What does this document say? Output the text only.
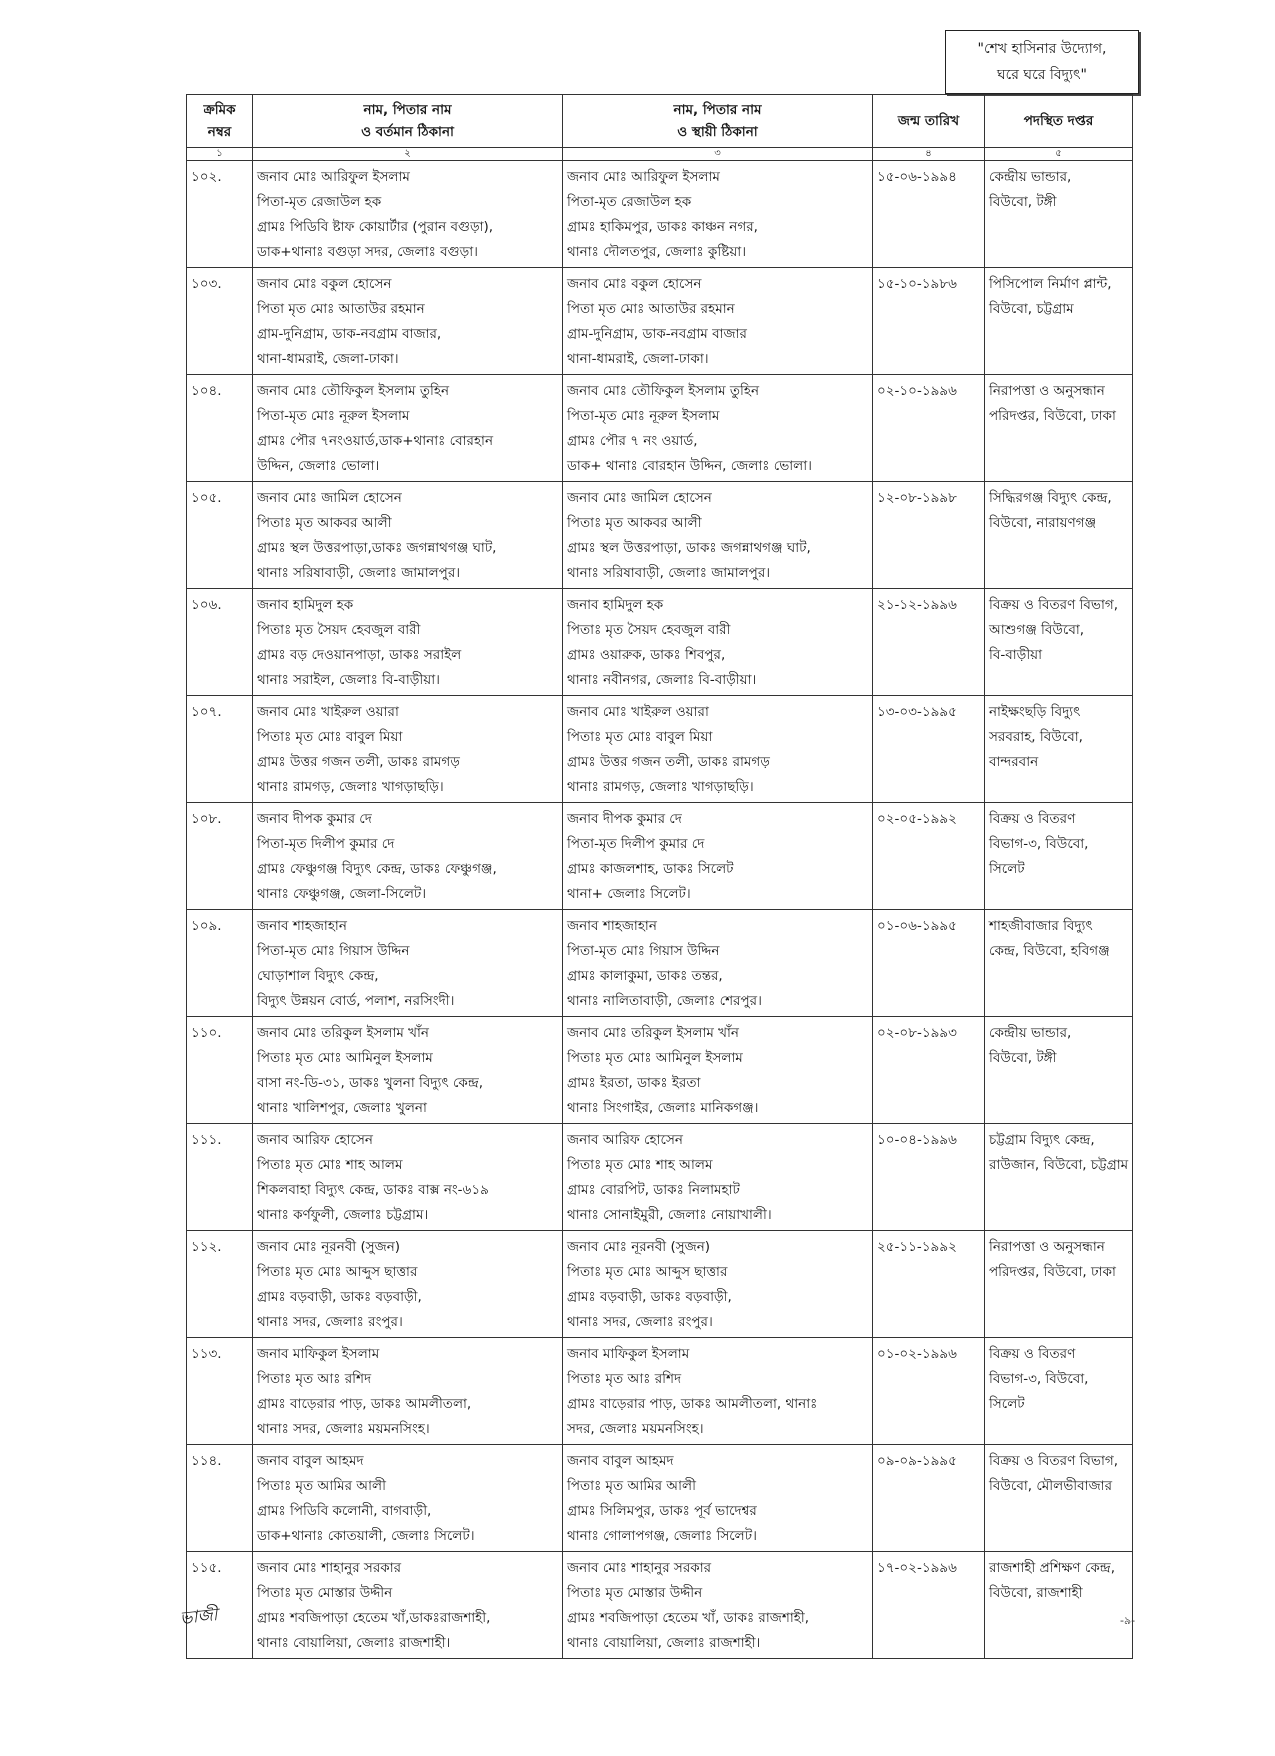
"শেখ হাসিনার উদ্যোগ,
ঘরে ঘরে বিদ্যুৎ"
ক্রমিক
নম্বর	নাম, পিতার নাম
ও বর্তমান ঠিকানা	নাম, পিতার নাম
ও স্থায়ী ঠিকানা	জন্ম তারিখ	পদস্থিত দপ্তর
১	২	৩	৪	৫
১০২.	জনাব মোঃ আরিফুল ইসলাম
পিতা-মৃত রেজাউল হক
গ্রামঃ পিডিবি ষ্টাফ কোয়ার্টার (পুরান বগুড়া),
ডাক+থানাঃ বগুড়া সদর, জেলাঃ বগুড়া।	জনাব মোঃ আরিফুল ইসলাম
পিতা-মৃত রেজাউল হক
গ্রামঃ হাকিমপুর, ডাকঃ কাঞ্চন নগর,
থানাঃ দৌলতপুর, জেলাঃ কুষ্টিয়া।	১৫-০৬-১৯৯৪	কেন্দ্রীয় ভান্ডার,
বিউবো, টঙ্গী

১০৩.	জনাব মোঃ বকুল হোসেন
পিতা মৃত মোঃ আতাউর রহমান
গ্রাম-দুনিগ্রাম, ডাক-নবগ্রাম বাজার,
থানা-ধামরাই, জেলা-ঢাকা।	জনাব মোঃ বকুল হোসেন
পিতা মৃত মোঃ আতাউর রহমান
গ্রাম-দুনিগ্রাম, ডাক-নবগ্রাম বাজার
থানা-ধামরাই, জেলা-ঢাকা।	১৫-১০-১৯৮৬	পিসিপোল নির্মাণ প্লান্ট,
বিউবো, চট্টগ্রাম

১০৪.	জনাব মোঃ তৌফিকুল ইসলাম তুহিন
পিতা-মৃত মোঃ নূরুল ইসলাম
গ্রামঃ পৌর ৭নংওয়ার্ড,ডাক+থানাঃ বোরহান
উদ্দিন, জেলাঃ ভোলা।	জনাব মোঃ তৌফিকুল ইসলাম তুহিন
পিতা-মৃত মোঃ নূরুল ইসলাম
গ্রামঃ পৌর ৭ নং ওয়ার্ড,
ডাক+ থানাঃ বোরহান উদ্দিন, জেলাঃ ভোলা।	০২-১০-১৯৯৬	নিরাপত্তা ও অনুসন্ধান
পরিদপ্তর, বিউবো, ঢাকা

১০৫.	জনাব মোঃ জামিল হোসেন
পিতাঃ মৃত আকবর আলী
গ্রামঃ স্থল উত্তরপাড়া,ডাকঃ জগন্নাথগঞ্জ ঘাট,
থানাঃ সরিষাবাড়ী, জেলাঃ জামালপুর।	জনাব মোঃ জামিল হোসেন
পিতাঃ মৃত আকবর আলী
গ্রামঃ স্থল উত্তরপাড়া, ডাকঃ জগন্নাথগঞ্জ ঘাট,
থানাঃ সরিষাবাড়ী, জেলাঃ জামালপুর।	১২-০৮-১৯৯৮	সিদ্ধিরগঞ্জ বিদ্যুৎ কেন্দ্র,
বিউবো, নারায়ণগঞ্জ

১০৬.	জনাব হামিদুল হক
পিতাঃ মৃত সৈয়দ হেবজুল বারী
গ্রামঃ বড় দেওয়ানপাড়া, ডাকঃ সরাইল
থানাঃ সরাইল, জেলাঃ বি-বাড়ীয়া।	জনাব হামিদুল হক
পিতাঃ মৃত সৈয়দ হেবজুল বারী
গ্রামঃ ওয়ারুক, ডাকঃ শিবপুর,
থানাঃ নবীনগর, জেলাঃ বি-বাড়ীয়া।	২১-১২-১৯৯৬	বিক্রয় ও বিতরণ বিভাগ,
আশুগঞ্জ বিউবো,
বি-বাড়ীয়া

১০৭.	জনাব মোঃ খাইরুল ওয়ারা
পিতাঃ মৃত মোঃ বাবুল মিয়া
গ্রামঃ উত্তর গজন তলী, ডাকঃ রামগড়
থানাঃ রামগড়, জেলাঃ খাগড়াছড়ি।	জনাব মোঃ খাইরুল ওয়ারা
পিতাঃ মৃত মোঃ বাবুল মিয়া
গ্রামঃ উত্তর গজন তলী, ডাকঃ রামগড়
থানাঃ রামগড়, জেলাঃ খাগড়াছড়ি।	১৩-০৩-১৯৯৫	নাইক্ষংছড়ি বিদ্যুৎ
সরবরাহ, বিউবো,
বান্দরবান

১০৮.	জনাব দীপক কুমার দে
পিতা-মৃত দিলীপ কুমার দে
গ্রামঃ ফেঞ্চুগঞ্জ বিদ্যুৎ কেন্দ্র, ডাকঃ ফেঞ্চুগঞ্জ,
থানাঃ ফেঞ্চুগঞ্জ, জেলা-সিলেট।	জনাব দীপক কুমার দে
পিতা-মৃত দিলীপ কুমার দে
গ্রামঃ কাজলশাহ, ডাকঃ সিলেট
থানা+ জেলাঃ সিলেট।	০২-০৫-১৯৯২	বিক্রয় ও বিতরণ
বিভাগ-৩, বিউবো,
সিলেট

১০৯.	জনাব শাহজাহান
পিতা-মৃত মোঃ গিয়াস উদ্দিন
ঘোড়াশাল বিদ্যুৎ কেন্দ্র,
বিদ্যুৎ উন্নয়ন বোর্ড, পলাশ, নরসিংদী।	জনাব শাহজাহান
পিতা-মৃত মোঃ গিয়াস উদ্দিন
গ্রামঃ কালাকুমা, ডাকঃ তন্তর,
থানাঃ নালিতাবাড়ী, জেলাঃ শেরপুর।	০১-০৬-১৯৯৫	শাহজীবাজার বিদ্যুৎ
কেন্দ্র, বিউবো, হবিগঞ্জ

১১০.	জনাব মোঃ তরিকুল ইসলাম খাঁন
পিতাঃ মৃত মোঃ আমিনুল ইসলাম
বাসা নং-ডি-৩১, ডাকঃ খুলনা বিদ্যুৎ কেন্দ্র,
থানাঃ খালিশপুর, জেলাঃ খুলনা	জনাব মোঃ তরিকুল ইসলাম খাঁন
পিতাঃ মৃত মোঃ আমিনুল ইসলাম
গ্রামঃ ইরতা, ডাকঃ ইরতা
থানাঃ সিংগাইর, জেলাঃ মানিকগঞ্জ।	০২-০৮-১৯৯৩	কেন্দ্রীয় ভান্ডার,
বিউবো, টঙ্গী

১১১.	জনাব আরিফ হোসেন
পিতাঃ মৃত মোঃ শাহ আলম
শিকলবাহা বিদ্যুৎ কেন্দ্র, ডাকঃ বাক্স নং-৬১৯
থানাঃ কর্ণফুলী, জেলাঃ চট্টগ্রাম।	জনাব আরিফ হোসেন
পিতাঃ মৃত মোঃ শাহ আলম
গ্রামঃ বোরপিট, ডাকঃ নিলামহাট
থানাঃ সোনাইমুরী, জেলাঃ নোয়াখালী।	১০-০৪-১৯৯৬	চট্টগ্রাম বিদ্যুৎ কেন্দ্র,
রাউজান, বিউবো, চট্টগ্রাম

১১২.	জনাব মোঃ নূরনবী (সুজন)
পিতাঃ মৃত মোঃ আব্দুস ছাত্তার
গ্রামঃ বড়বাড়ী, ডাকঃ বড়বাড়ী,
থানাঃ সদর, জেলাঃ রংপুর।	জনাব মোঃ নূরনবী (সুজন)
পিতাঃ মৃত মোঃ আব্দুস ছাত্তার
গ্রামঃ বড়বাড়ী, ডাকঃ বড়বাড়ী,
থানাঃ সদর, জেলাঃ রংপুর।	২৫-১১-১৯৯২	নিরাপত্তা ও অনুসন্ধান
পরিদপ্তর, বিউবো, ঢাকা

১১৩.	জনাব মাফিকুল ইসলাম
পিতাঃ মৃত আঃ রশিদ
গ্রামঃ বাড়েরার পাড়, ডাকঃ আমলীতলা,
থানাঃ সদর, জেলাঃ ময়মনসিংহ।	জনাব মাফিকুল ইসলাম
পিতাঃ মৃত আঃ রশিদ
গ্রামঃ বাড়েরার পাড়, ডাকঃ আমলীতলা, থানাঃ
সদর, জেলাঃ ময়মনসিংহ।	০১-০২-১৯৯৬	বিক্রয় ও বিতরণ
বিভাগ-৩, বিউবো,
সিলেট

১১৪.	জনাব বাবুল আহমদ
পিতাঃ মৃত আমির আলী
গ্রামঃ পিডিবি কলোনী, বাগবাড়ী,
ডাক+থানাঃ কোতয়ালী, জেলাঃ সিলেট।	জনাব বাবুল আহমদ
পিতাঃ মৃত আমির আলী
গ্রামঃ সিলিমপুর, ডাকঃ পূর্ব ভাদেশ্বর
থানাঃ গোলাপগঞ্জ, জেলাঃ সিলেট।	০৯-০৯-১৯৯৫	বিক্রয় ও বিতরণ বিভাগ,
বিউবো, মৌলভীবাজার

১১৫.	জনাব মোঃ শাহানুর সরকার
পিতাঃ মৃত মোস্তার উদ্দীন
গ্রামঃ শবজিপাড়া হেতেম খাঁ,ডাকঃরাজশাহী,
থানাঃ বোয়ালিয়া, জেলাঃ রাজশাহী।	জনাব মোঃ শাহানুর সরকার
পিতাঃ মৃত মোস্তার উদ্দীন
গ্রামঃ শবজিপাড়া হেতেম খাঁ, ডাকঃ রাজশাহী,
থানাঃ বোয়ালিয়া, জেলাঃ রাজশাহী।	১৭-০২-১৯৯৬	রাজশাহী প্রশিক্ষণ কেন্দ্র,
বিউবো, রাজশাহী
ভাজী	-৯-
